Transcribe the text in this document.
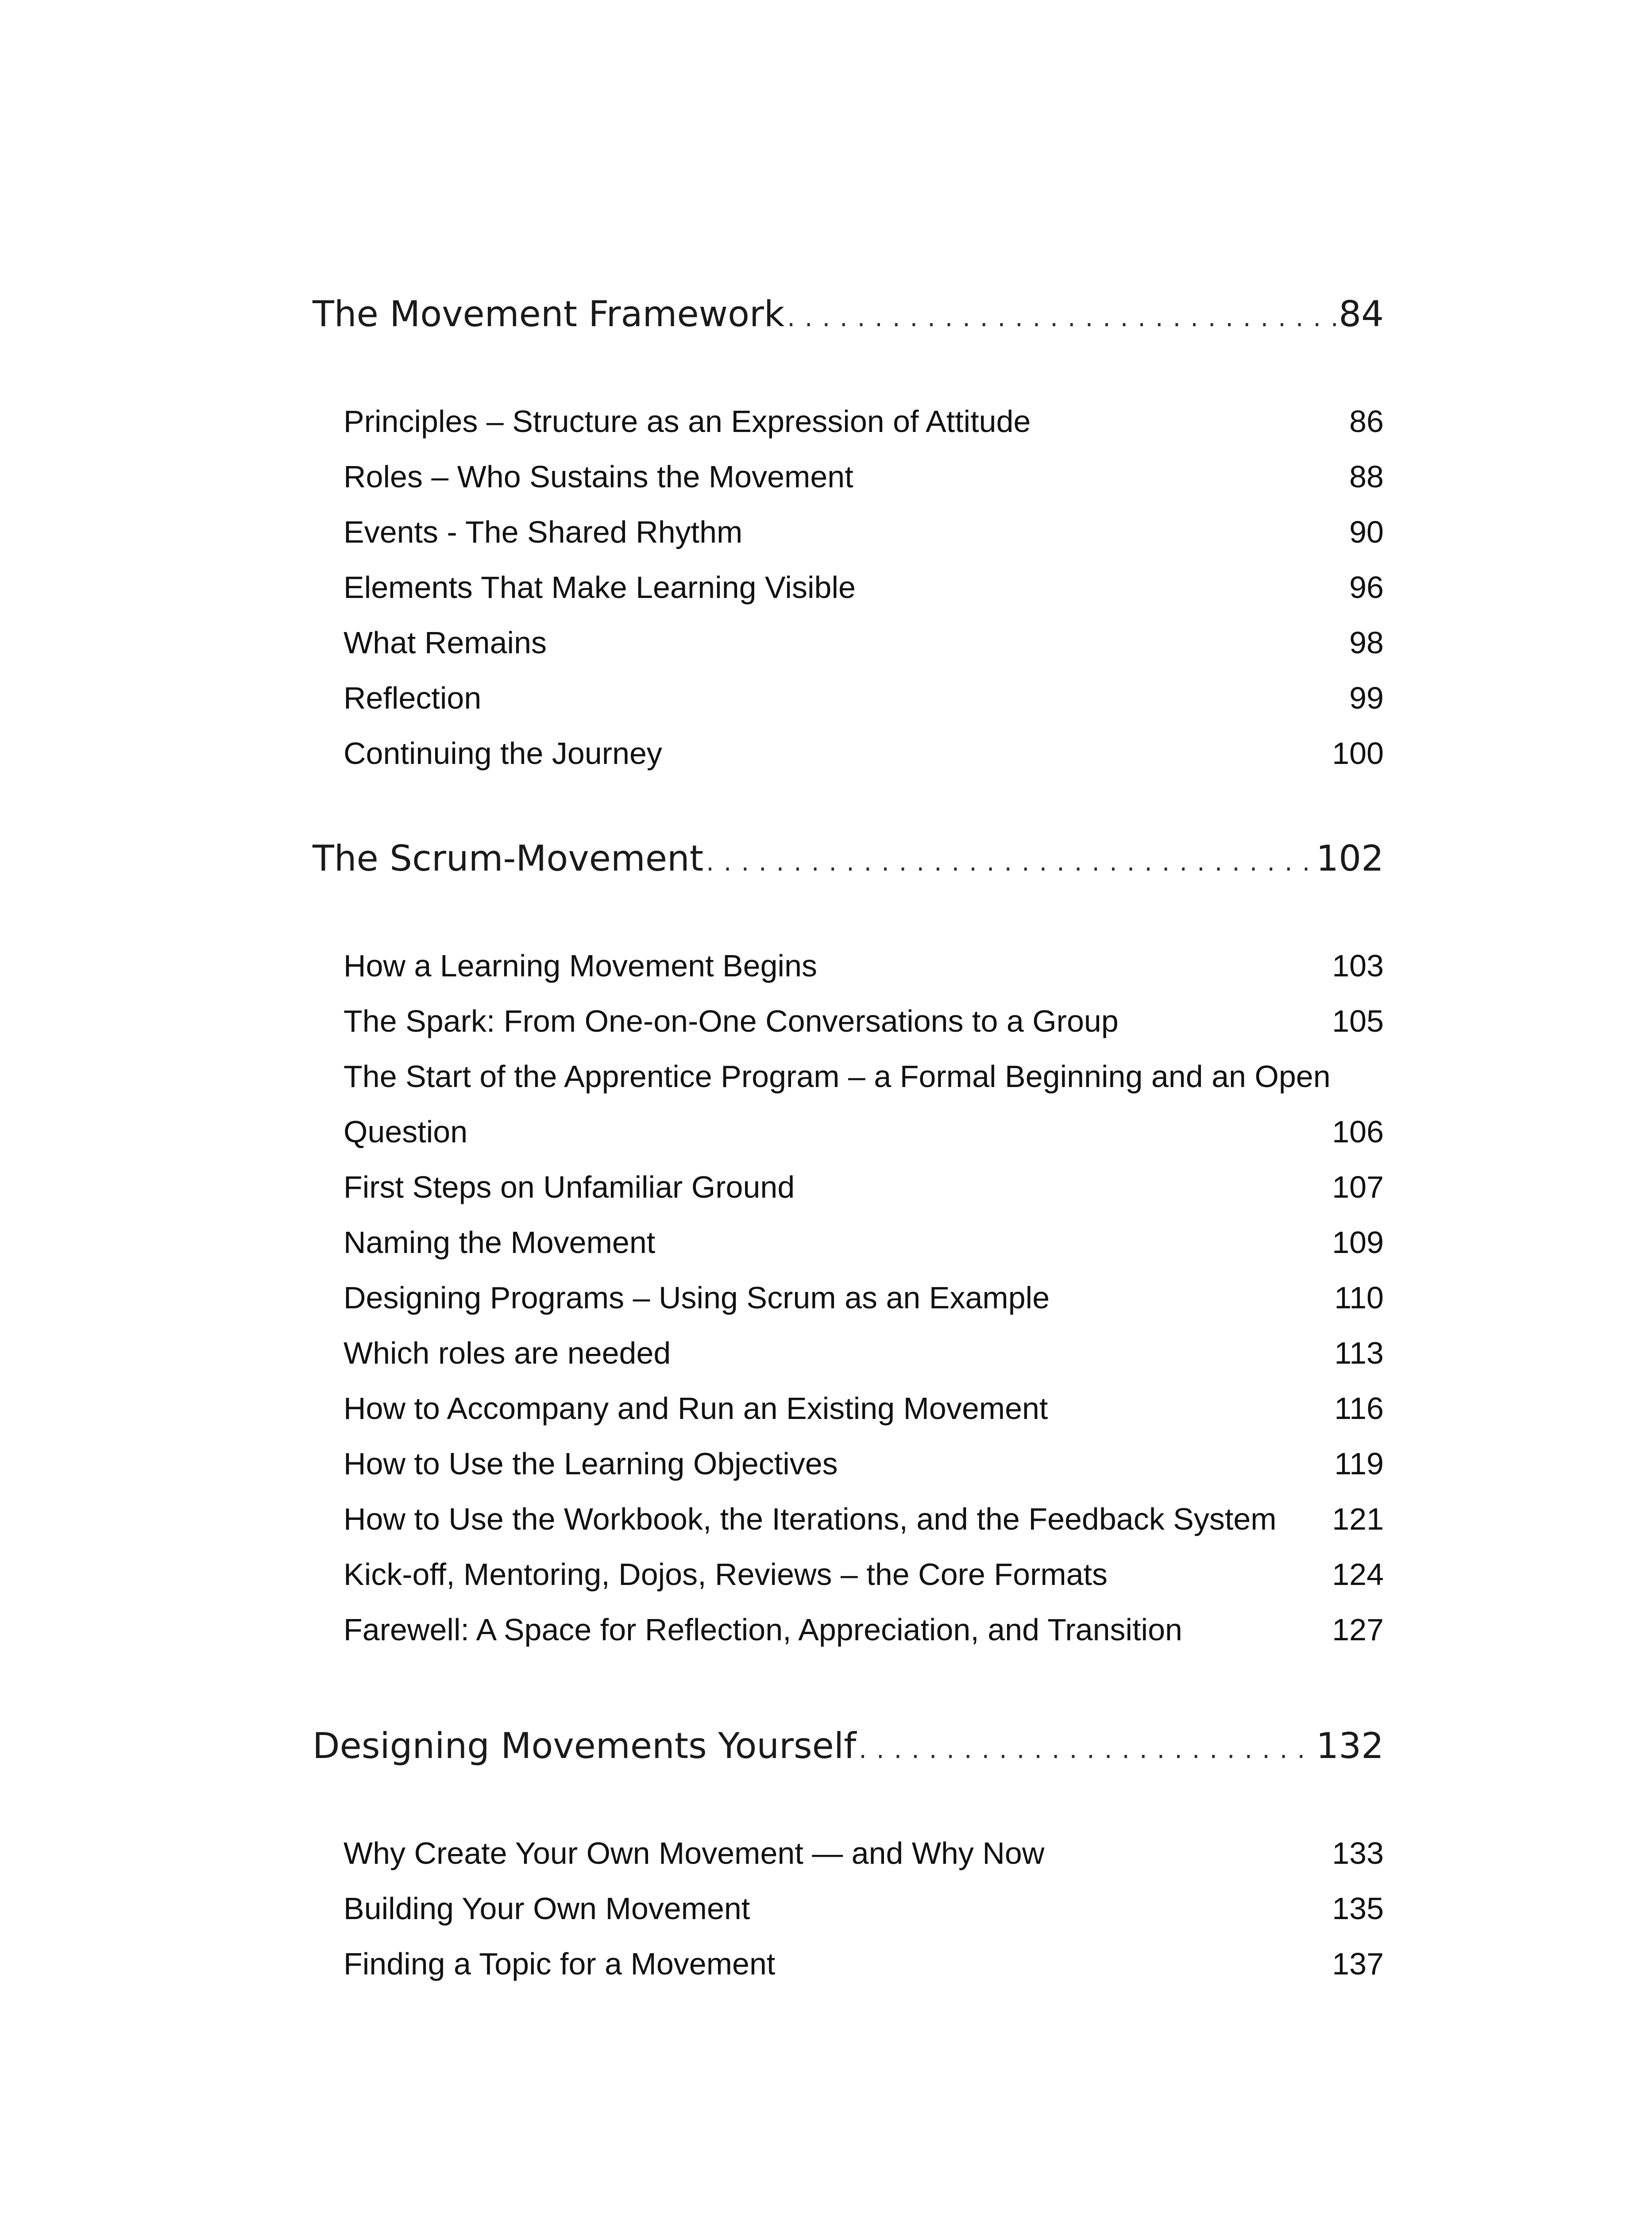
The Movement Framework . . .	84
Principles – Structure as an Expression of Attitude	86
Roles – Who Sustains the Movement	88
Events - The Shared Rhythm	90
Elements That Make Learning Visible	96
What Remains	98
Reflection	99
Continuing the Journey	100
The Scrum-Movement . . .	102
How a Learning Movement Begins	103
The Spark: From One-on-One Conversations to a Group	105
The Start of the Apprentice Program – a Formal Beginning and an Open Question	106
First Steps on Unfamiliar Ground	107
Naming the Movement	109
Designing Programs – Using Scrum as an Example	110
Which roles are needed	113
How to Accompany and Run an Existing Movement	116
How to Use the Learning Objectives	119
How to Use the Workbook, the Iterations, and the Feedback System 121
Kick-off, Mentoring, Dojos, Reviews – the Core Formats	124
Farewell: A Space for Reflection, Appreciation, and Transition	127
Designing Movements Yourself . . .	132
Why Create Your Own Movement — and Why Now	133
Building Your Own Movement	135
Finding a Topic for a Movement	137
